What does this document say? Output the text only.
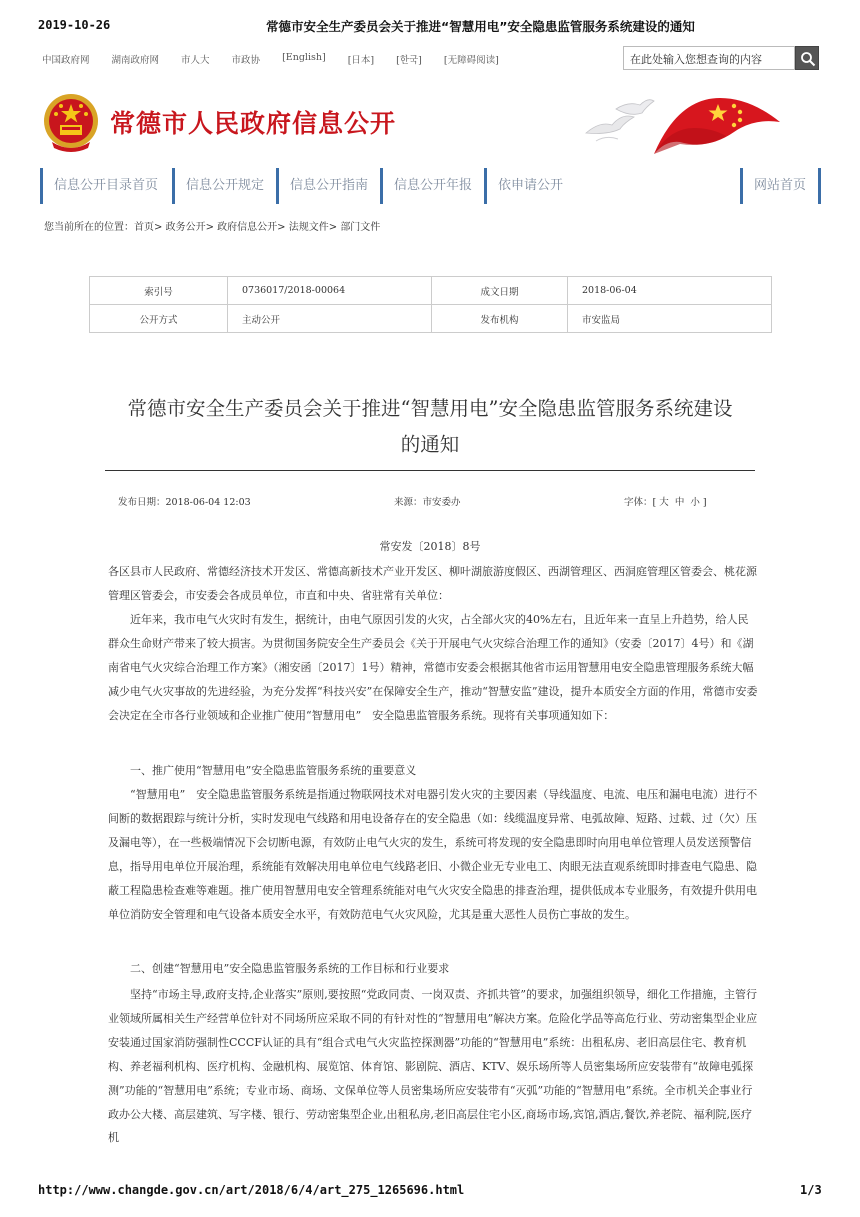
2019-10-26	常德市安全生产委员会关于推进“智慧用电”安全隐患监管服务系统建设的通知
中国政府网 湖南政府网 市人大 市政协 [English] [日本] [한국] [无障碍阅读]	在此处输入您想查询的内容
常德市人民政府信息公开
信息公开目录首页	信息公开规定	信息公开指南	信息公开年报	依申请公开	网站首页
您当前所在的位置：首页> 政务公开> 政府信息公开> 法规文件> 部门文件
索引号	0736017/2018-00064	成文日期	2018-06-04
公开方式	主动公开	发布机构	市安监局
常德市安全生产委员会关于推进“智慧用电”安全隐患监管服务系统建设
的通知
发布日期：2018-06-04 12:03	来源：市安委办	字体：[ 大 中 小 ]
常安发〔2018〕8号
各区县市人民政府、常德经济技术开发区、常德高新技术产业开发区、柳叶湖旅游度假区、西湖管理区、西洞庭管理区管委会、桃花源管理区管委会，市安委会各成员单位，市直和中央、省驻常有关单位：
近年来，我市电气火灾时有发生，据统计，由电气原因引发的火灾，占全部火灾的40%左右，且近年来一直呈上升趋势，给人民群众生命财产带来了较大损害。为贯彻国务院安全生产委员会《关于开展电气火灾综合治理工作的通知》（安委〔2017〕4号）和《湖南省电气火灾综合治理工作方案》（湘安函〔2017〕1号）精神，常德市安委会根据其他省市运用智慧用电安全隐患管理服务系统大幅减少电气火灾事故的先进经验，为充分发挥“科技兴安”在保障安全生产，推动“智慧安监”建设，提升本质安全方面的作用，常德市安委会决定在全市各行业领域和企业推广使用“智慧用电”　安全隐患监管服务系统。现将有关事项通知如下：
一、推广使用“智慧用电”安全隐患监管服务系统的重要意义
“智慧用电”　安全隐患监管服务系统是指通过物联网技术对电器引发火灾的主要因素（导线温度、电流、电压和漏电电流）进行不间断的数据跟踪与统计分析，实时发现电气线路和用电设备存在的安全隐患（如：线缆温度异常、电弧故障、短路、过载、过（欠）压及漏电等），在一些极端情况下会切断电源，有效防止电气火灾的发生，系统可将发现的安全隐患即时向用电单位管理人员发送预警信息，指导用电单位开展治理，系统能有效解决用电单位电气线路老旧、小微企业无专业电工、肉眼无法直观系统即时排查电气隐患、隐蔽工程隐患检查难等难题。推广使用智慧用电安全管理系统能对电气火灾安全隐患的排查治理，提供低成本专业服务，有效提升供用电单位消防安全管理和电气设备本质安全水平，有效防范电气火灾风险，尤其是重大恶性人员伤亡事故的发生。
二、创建“智慧用电”安全隐患监管服务系统的工作目标和行业要求
坚持“市场主导,政府支持,企业落实”原则,要按照“党政同责、一岗双责、齐抓共管”的要求，加强组织领导，细化工作措施，主管行业领域所属相关生产经营单位针对不同场所应采取不同的有针对性的“智慧用电”解决方案。危险化学品等高危行业、劳动密集型企业应安装通过国家消防强制性CCCF认证的具有“组合式电气火灾监控探测器”功能的“智慧用电”系统：出租私房、老旧高层住宅、教育机构、养老福利机构、医疗机构、金融机构、展览馆、体育馆、影剧院、酒店、KTV、娱乐场所等人员密集场所应安装带有“故障电弧探测”功能的“智慧用电”系统；专业市场、商场、文保单位等人员密集场所应安装带有“灭弧”功能的“智慧用电”系统。全市机关企事业行政办公大楼、高层建筑、写字楼、银行、劳动密集型企业,出租私房,老旧高层住宅小区,商场市场,宾馆,酒店,餐饮,养老院、福利院,医疗机
http://www.changde.gov.cn/art/2018/6/4/art_275_1265696.html	1/3
